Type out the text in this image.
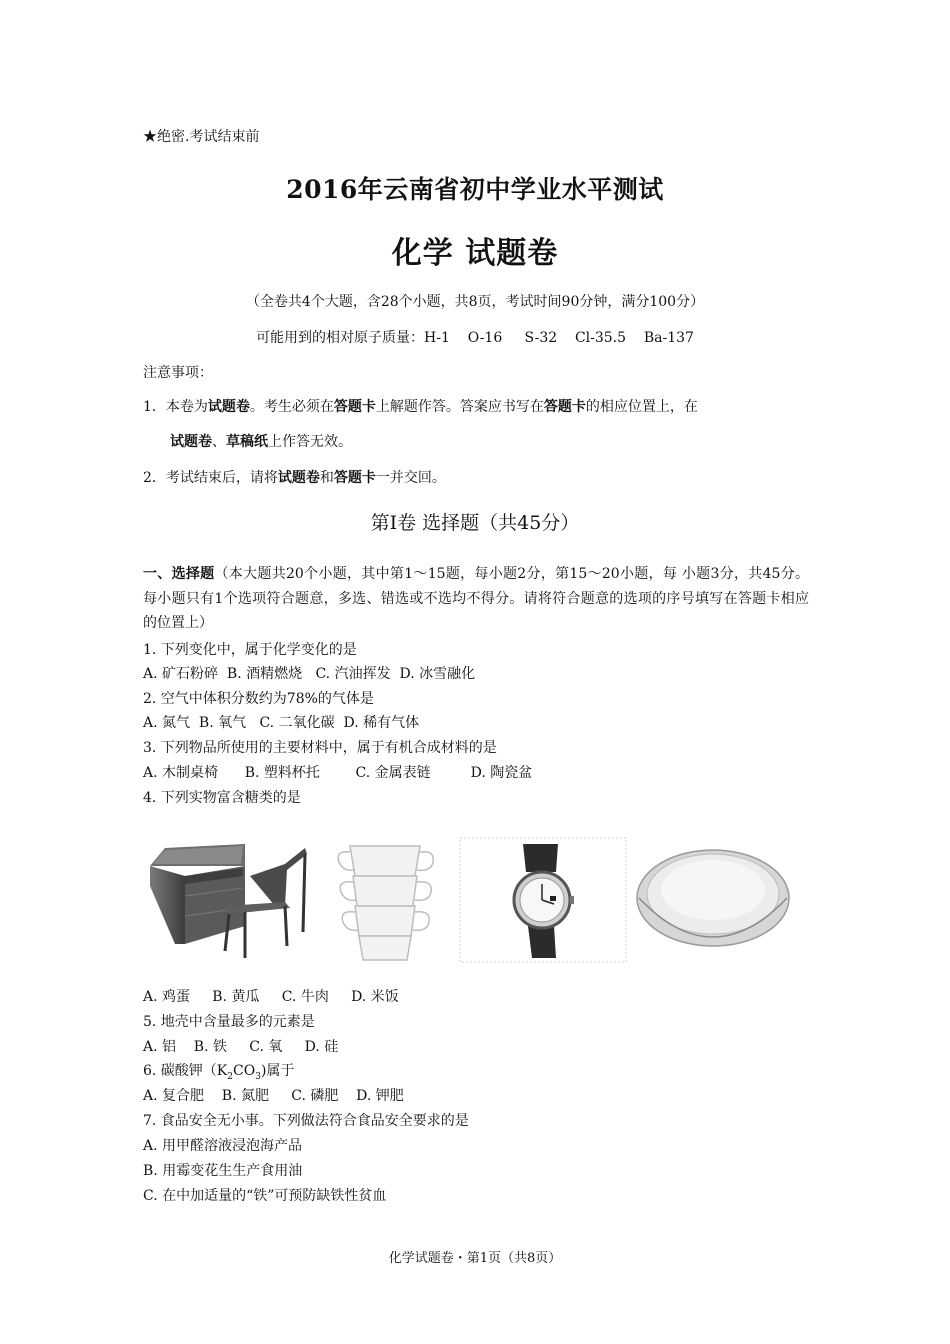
★绝密.考试结束前
2016年云南省初中学业水平测试
化学 试题卷
（全卷共4个大题，含28个小题，共8页，考试时间90分钟，满分100分）
可能用到的相对原子质量：H-1    O-16     S-32    Cl-35.5    Ba-137
注意事项：
1．本卷为试题卷。考生必须在答题卡上解题作答。答案应书写在答题卡的相应位置上，在
试题卷、草稿纸上作答无效。
2．考试结束后，请将试题卷和答题卡一并交回。
第Ⅰ卷 选择题（共45分）
一、选择题（本大题共20个小题，其中第1～15题，每小题2分，第15～20小题，每 小题3分，共45分。每小题只有1个选项符合题意，多选、错选或不选均不得分。请将符合题意的选项的序号填写在答题卡相应的位置上）
1. 下列变化中，属于化学变化的是
A. 矿石粉碎  B. 酒精燃烧   C. 汽油挥发  D. 冰雪融化
2. 空气中体积分数约为78%的气体是
A. 氮气  B. 氧气   C. 二氧化碳  D. 稀有气体
3. 下列物品所使用的主要材料中，属于有机合成材料的是
A. 木制桌椅      B. 塑料杯托        C. 金属表链         D. 陶瓷盆
4. 下列实物富含糖类的是
A. 鸡蛋     B. 黄瓜     C. 牛肉     D. 米饭
5. 地壳中含量最多的元素是
A. 铝    B. 铁     C. 氧     D. 硅
6. 碳酸钾$(K_2CO_3)$属于
A. 复合肥    B. 氮肥     C. 磷肥    D. 钾肥
7. 食品安全无小事。下列做法符合食品安全要求的是
A. 用甲醛溶液浸泡海产品
B. 用霉变花生生产食用油
C. 在中加适量的“铁”可预防缺铁性贫血
化学试题卷・第1页（共8页）
